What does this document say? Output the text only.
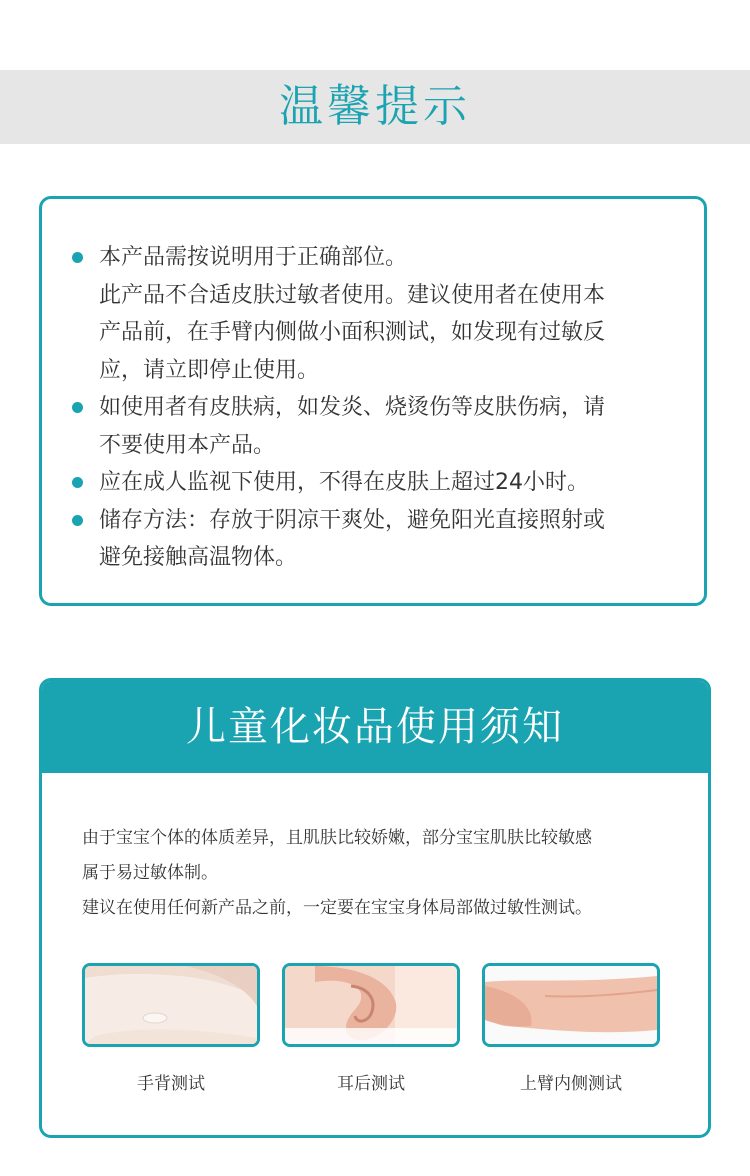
温馨提示
本产品需按说明用于正确部位。
此产品不合适皮肤过敏者使用。建议使用者在使用本
产品前，在手臂内侧做小面积测试，如发现有过敏反
应，请立即停止使用。
如使用者有皮肤病，如发炎、烧烫伤等皮肤伤病，请
不要使用本产品。
应在成人监视下使用，不得在皮肤上超过24小时。
储存方法：存放于阴凉干爽处，避免阳光直接照射或
避免接触高温物体。
儿童化妆品使用须知
由于宝宝个体的体质差异，且肌肤比较娇嫩，部分宝宝肌肤比较敏感
属于易过敏体制。
建议在使用任何新产品之前，一定要在宝宝身体局部做过敏性测试。
手背测试	耳后测试	上臂内侧测试
